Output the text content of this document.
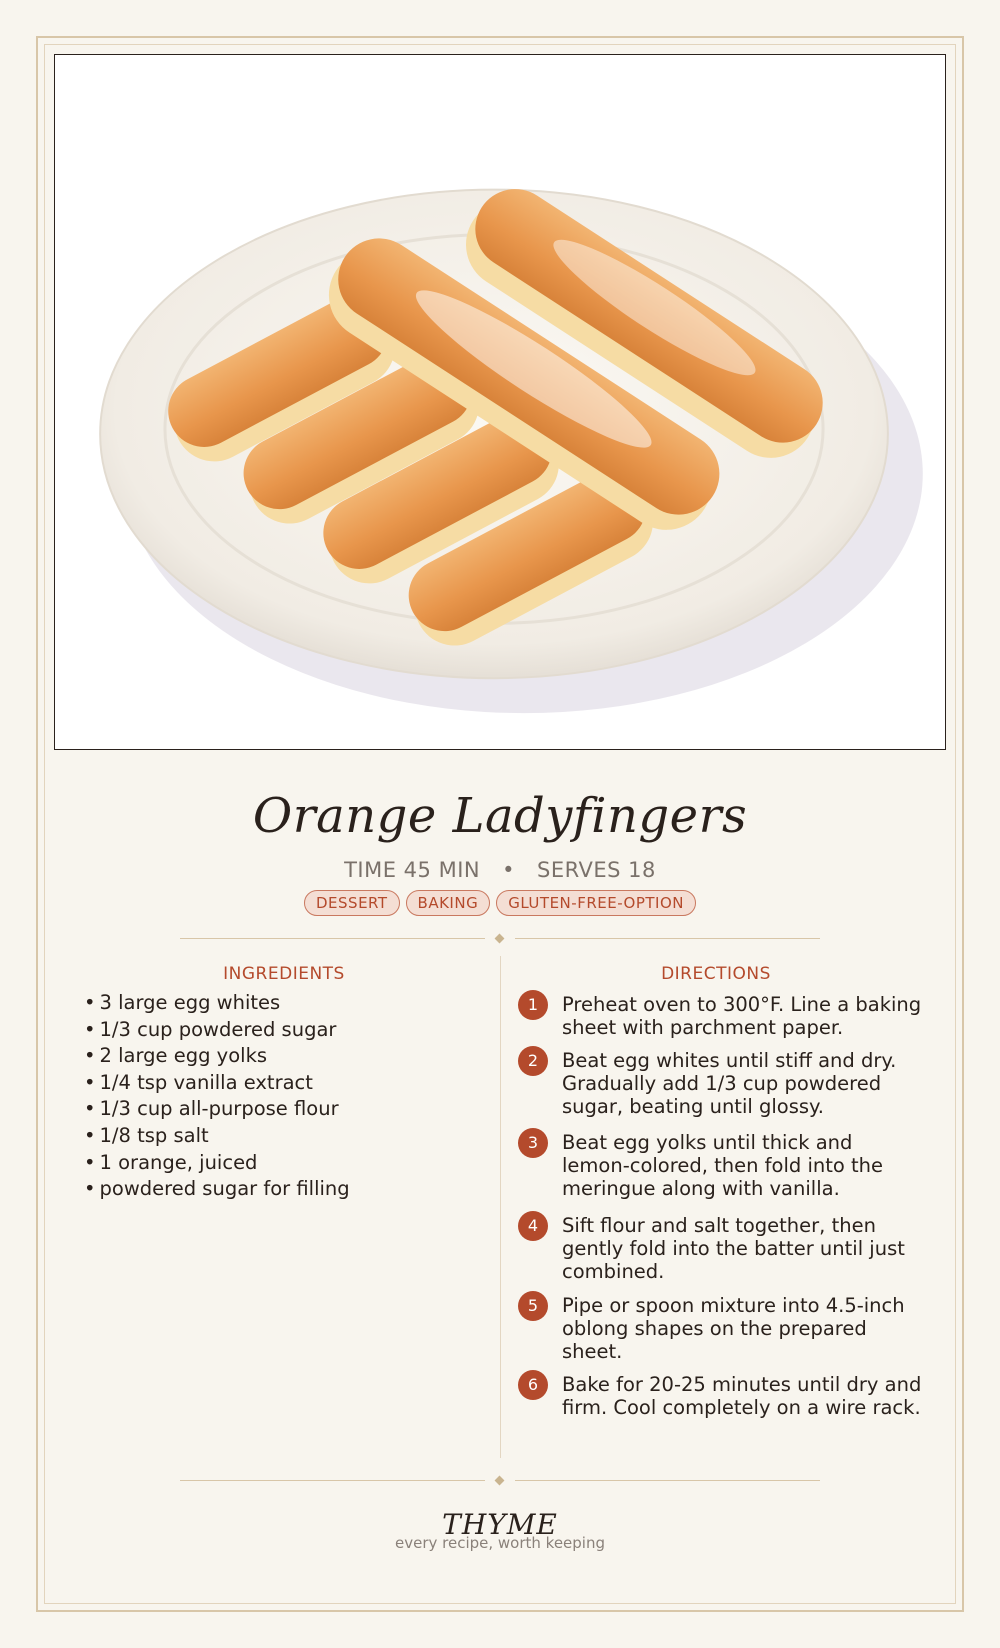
Orange Ladyfingers
TIME 45 MIN • SERVES 18
DESSERT BAKING GLUTEN-FREE-OPTION
INGREDIENTS
• 3 large egg whites
• 1/3 cup powdered sugar
• 2 large egg yolks
• 1/4 tsp vanilla extract
• 1/3 cup all-purpose flour
• 1/8 tsp salt
• 1 orange, juiced
• powdered sugar for filling
DIRECTIONS
1	Preheat oven to 300°F. Line a baking sheet with parchment paper.
2	Beat egg whites until stiff and dry. Gradually add 1/3 cup powdered sugar, beating until glossy.
3	Beat egg yolks until thick and lemon-colored, then fold into the meringue along with vanilla.
4	Sift flour and salt together, then gently fold into the batter until just combined.
5	Pipe or spoon mixture into 4.5-inch oblong shapes on the prepared sheet.
6	Bake for 20-25 minutes until dry and firm. Cool completely on a wire rack.
THYME
every recipe, worth keeping
